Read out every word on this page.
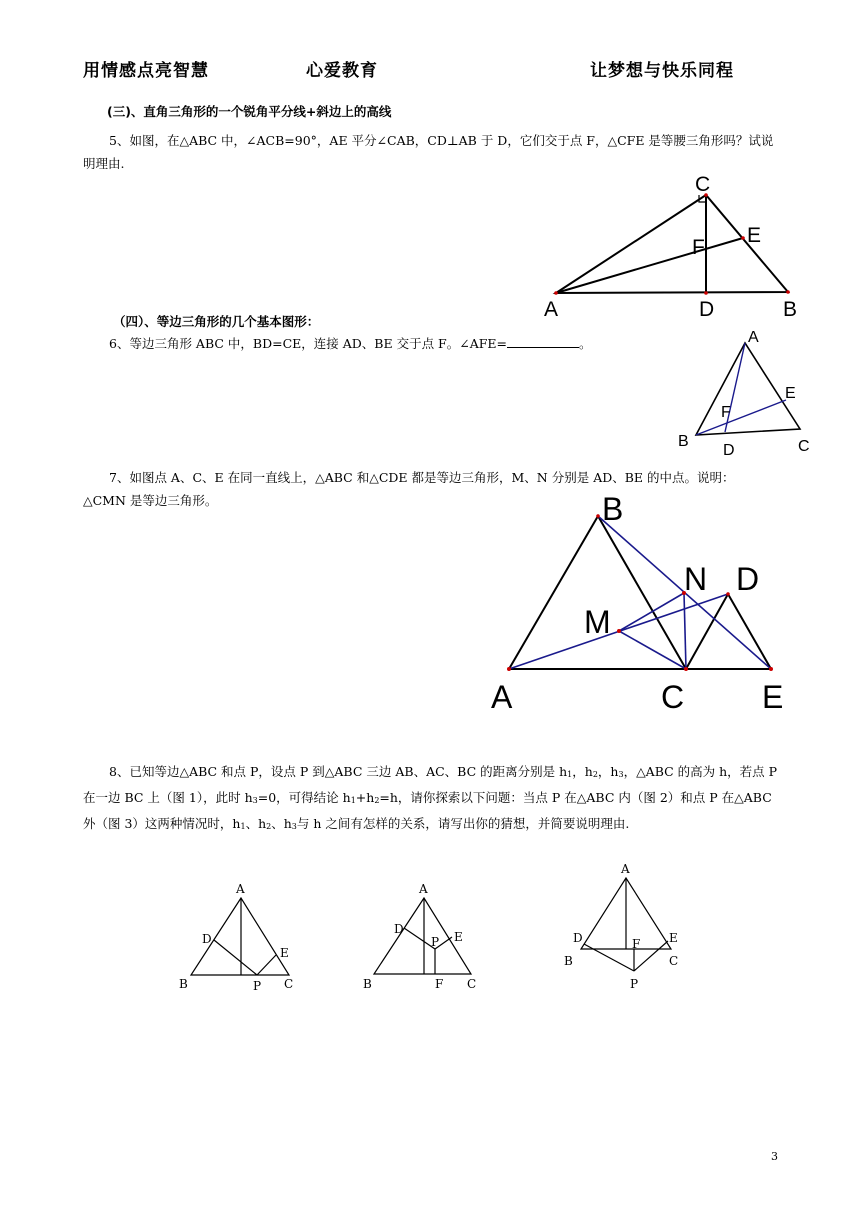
用情感点亮智慧	心爱教育	让梦想与快乐同程
(三)、直角三角形的一个锐角平分线+斜边上的高线
5、如图，在△ABC 中，∠ACB=90°，AE 平分∠CAB，CD⊥AB 于 D，它们交于点 F，△CFE 是等腰三角形吗？试说明理由.
C
E
F
A	D	B
（四）、等边三角形的几个基本图形：
6、等边三角形 ABC 中，BD=CE，连接 AD、BE 交于点 F。∠AFE=	。	A
E
F
B
D	C
7、如图点 A、C、E 在同一直线上，△ABC 和△CDE 都是等边三角形，M、N 分别是 AD、BE 的中点。说明： △CMN 是等边三角形。	B
N D
M
A	C E
8、已知等边△ABC 和点 P，设点 P 到△ABC 三边 AB、AC、BC 的距离分别是 $h_1$，$h_2$，$h_3$，△ABC 的高为 h，若点 P 在一边 BC 上（图 1），此时 $h_3=0$，可得结论 $h_1+h_2=h$，请你探索以下问题：当点 P 在△ABC 内（图 2）和点 P 在△ABC 外（图 3）这两种情况时，$h_1$、$h_2$、$h_3$与 h 之间有怎样的关系，请写出你的猜想，并简要说明理由.
A
D
E
B	P C
A
D
P E
B	F C
A
D	E
F
B	C
P
3
